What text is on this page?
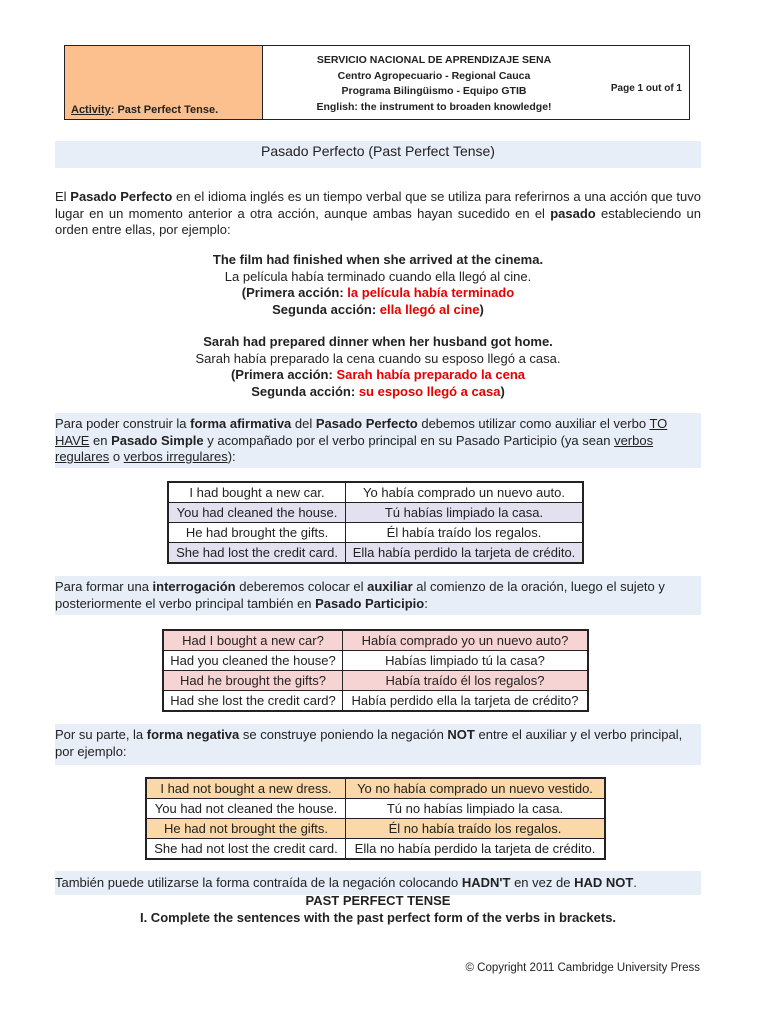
Activity: Past Perfect Tense.
SERVICIO NACIONAL DE APRENDIZAJE SENA
Centro Agropecuario - Regional Cauca
Programa Bilingüismo - Equipo GTIB
English: the instrument to broaden knowledge!
Page 1 out of 1
Pasado Perfecto (Past Perfect Tense)
El Pasado Perfecto en el idioma inglés es un tiempo verbal que se utiliza para referirnos a una acción que tuvo lugar en un momento anterior a otra acción, aunque ambas hayan sucedido en el pasado estableciendo un orden entre ellas, por ejemplo:
The film had finished when she arrived at the cinema.
La película había terminado cuando ella llegó al cine.
(Primera acción: la película había terminado
Segunda acción: ella llegó al cine)
Sarah had prepared dinner when her husband got home.
Sarah había preparado la cena cuando su esposo llegó a casa.
(Primera acción: Sarah había preparado la cena
Segunda acción: su esposo llegó a casa)
Para poder construir la forma afirmativa del Pasado Perfecto debemos utilizar como auxiliar el verbo TO HAVE en Pasado Simple y acompañado por el verbo principal en su Pasado Participio (ya sean verbos regulares o verbos irregulares):
I had bought a new car.	Yo había comprado un nuevo auto.
You had cleaned the house.	Tú habías limpiado la casa.
He had brought the gifts.	Él había traído los regalos.
She had lost the credit card.	Ella había perdido la tarjeta de crédito.
Para formar una interrogación deberemos colocar el auxiliar al comienzo de la oración, luego el sujeto y posteriormente el verbo principal también en Pasado Participio:
Had I bought a new car?	Había comprado yo un nuevo auto?
Had you cleaned the house?	Habías limpiado tú la casa?
Had he brought the gifts?	Había traído él los regalos?
Had she lost the credit card?	Había perdido ella la tarjeta de crédito?
Por su parte, la forma negativa se construye poniendo la negación NOT entre el auxiliar y el verbo principal, por ejemplo:
I had not bought a new dress.	Yo no había comprado un nuevo vestido.
You had not cleaned the house.	Tú no habías limpiado la casa.
He had not brought the gifts.	Él no había traído los regalos.
She had not lost the credit card.	Ella no había perdido la tarjeta de crédito.
También puede utilizarse la forma contraída de la negación colocando HADN'T en vez de HAD NOT.
PAST PERFECT TENSE
I. Complete the sentences with the past perfect form of the verbs in brackets.
© Copyright 2011 Cambridge University Press
